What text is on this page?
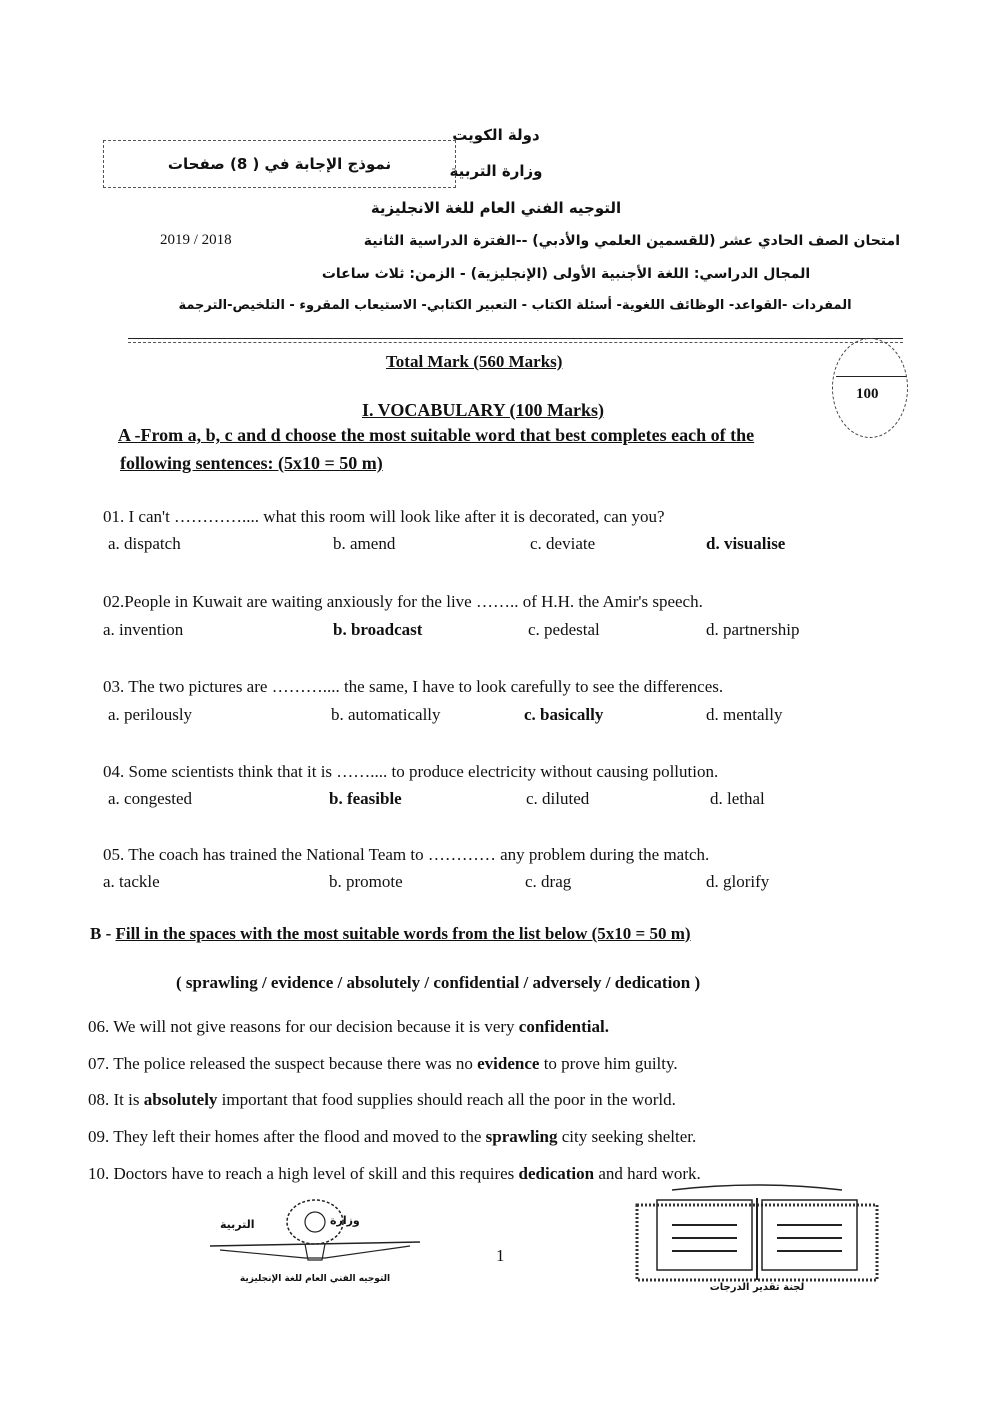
دولة الكويت
وزارة التربية
التوجيه الفني العام للغة الانجليزية
نموذج الإجابة في ( 8) صفحات
2019 / 2018	امتحان الصف الحادي عشر (للقسمين العلمي والأدبي) --الفترة الدراسية الثانية
المجال الدراسي: اللغة الأجنبية الأولى (الإنجليزية) - الزمن: ثلاث ساعات
المفردات -القواعد- الوظائف اللغوية- أسئلة الكتاب - التعبير الكتابي- الاستيعاب المقروء - التلخيص-الترجمة
100
Total Mark (560 Marks)
I. VOCABULARY (100 Marks)
A -From a, b, c and d choose the most suitable word that best completes each of the
following sentences: (5x10 = 50 m)
01. I can't ………….... what this room will look like after it is decorated, can you?
a. dispatch	b. amend	c. deviate	d. visualise
02.People in Kuwait are waiting anxiously for the live …….. of H.H. the Amir's speech.
a. invention	b. broadcast	c. pedestal	d. partnership
03. The two pictures are ……….... the same, I have to look carefully to see the differences.
a. perilously	b. automatically	c. basically	d. mentally
04. Some scientists think that it is …….... to produce electricity without causing pollution.
a. congested	b. feasible	c. diluted	d. lethal
05. The coach has trained the National Team to ………… any problem during the match.
a. tackle	b. promote	c. drag	d. glorify
B - Fill in the spaces with the most suitable words from the list below (5x10 = 50 m)
( sprawling / evidence / absolutely / confidential / adversely / dedication )
06. We will not give reasons for our decision because it is very confidential.
07. The police released the suspect because there was no evidence to prove him guilty.
08. It is absolutely important that food supplies should reach all the poor in the world.
09. They left their homes after the flood and moved to the sprawling city seeking shelter.
10. Doctors have to reach a high level of skill and this requires dedication and hard work.
وزارة
التربية
التوجيه الفني العام للغة الإنجليزية
1
لجنة تقدير الدرجات
